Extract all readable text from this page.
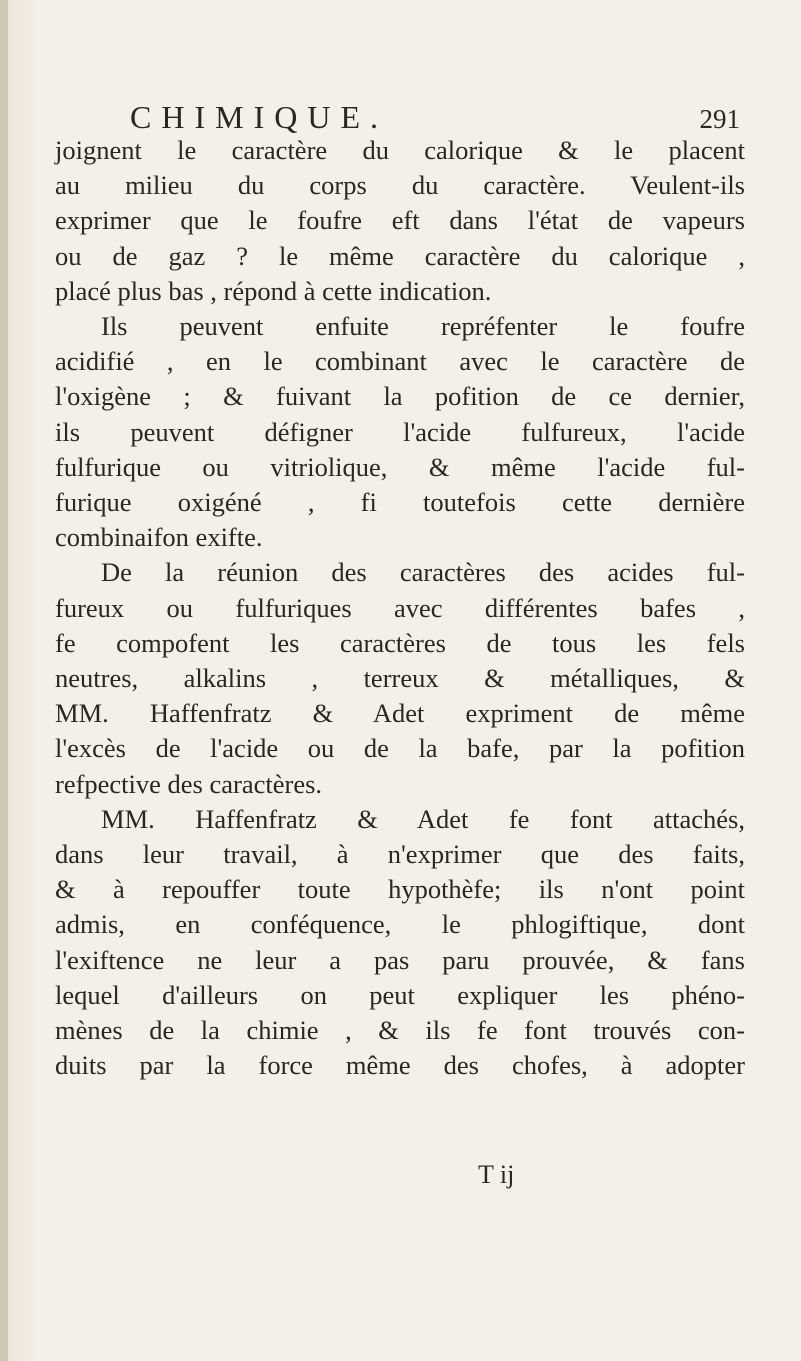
CHIMIQUE.	291
joignent le caractère du calorique & le placent
au milieu du corps du caractère. Veulent-ils
exprimer que le foufre eft dans l'état de vapeurs
ou de gaz ? le même caractère du calorique ,
placé plus bas , répond à cette indication.
Ils peuvent enfuite repréfenter le foufre
acidifié , en le combinant avec le caractère de
l'oxigène ; & fuivant la pofition de ce dernier,
ils peuvent défigner l'acide fulfureux, l'acide
fulfurique ou vitriolique, & même l'acide ful-
furique oxigéné , fi toutefois cette dernière
combinaifon exifte.
De la réunion des caractères des acides ful-
fureux ou fulfuriques avec différentes bafes ,
fe compofent les caractères de tous les fels
neutres, alkalins , terreux & métalliques, &
MM. Haffenfratz & Adet expriment de même
l'excès de l'acide ou de la bafe, par la pofition
refpective des caractères.
MM. Haffenfratz & Adet fe font attachés,
dans leur travail, à n'exprimer que des faits,
& à repouffer toute hypothèfe; ils n'ont point
admis, en conféquence, le phlogiftique, dont
l'exiftence ne leur a pas paru prouvée, & fans
lequel d'ailleurs on peut expliquer les phéno-
mènes de la chimie , & ils fe font trouvés con-
duits par la force même des chofes, à adopter
T ij
